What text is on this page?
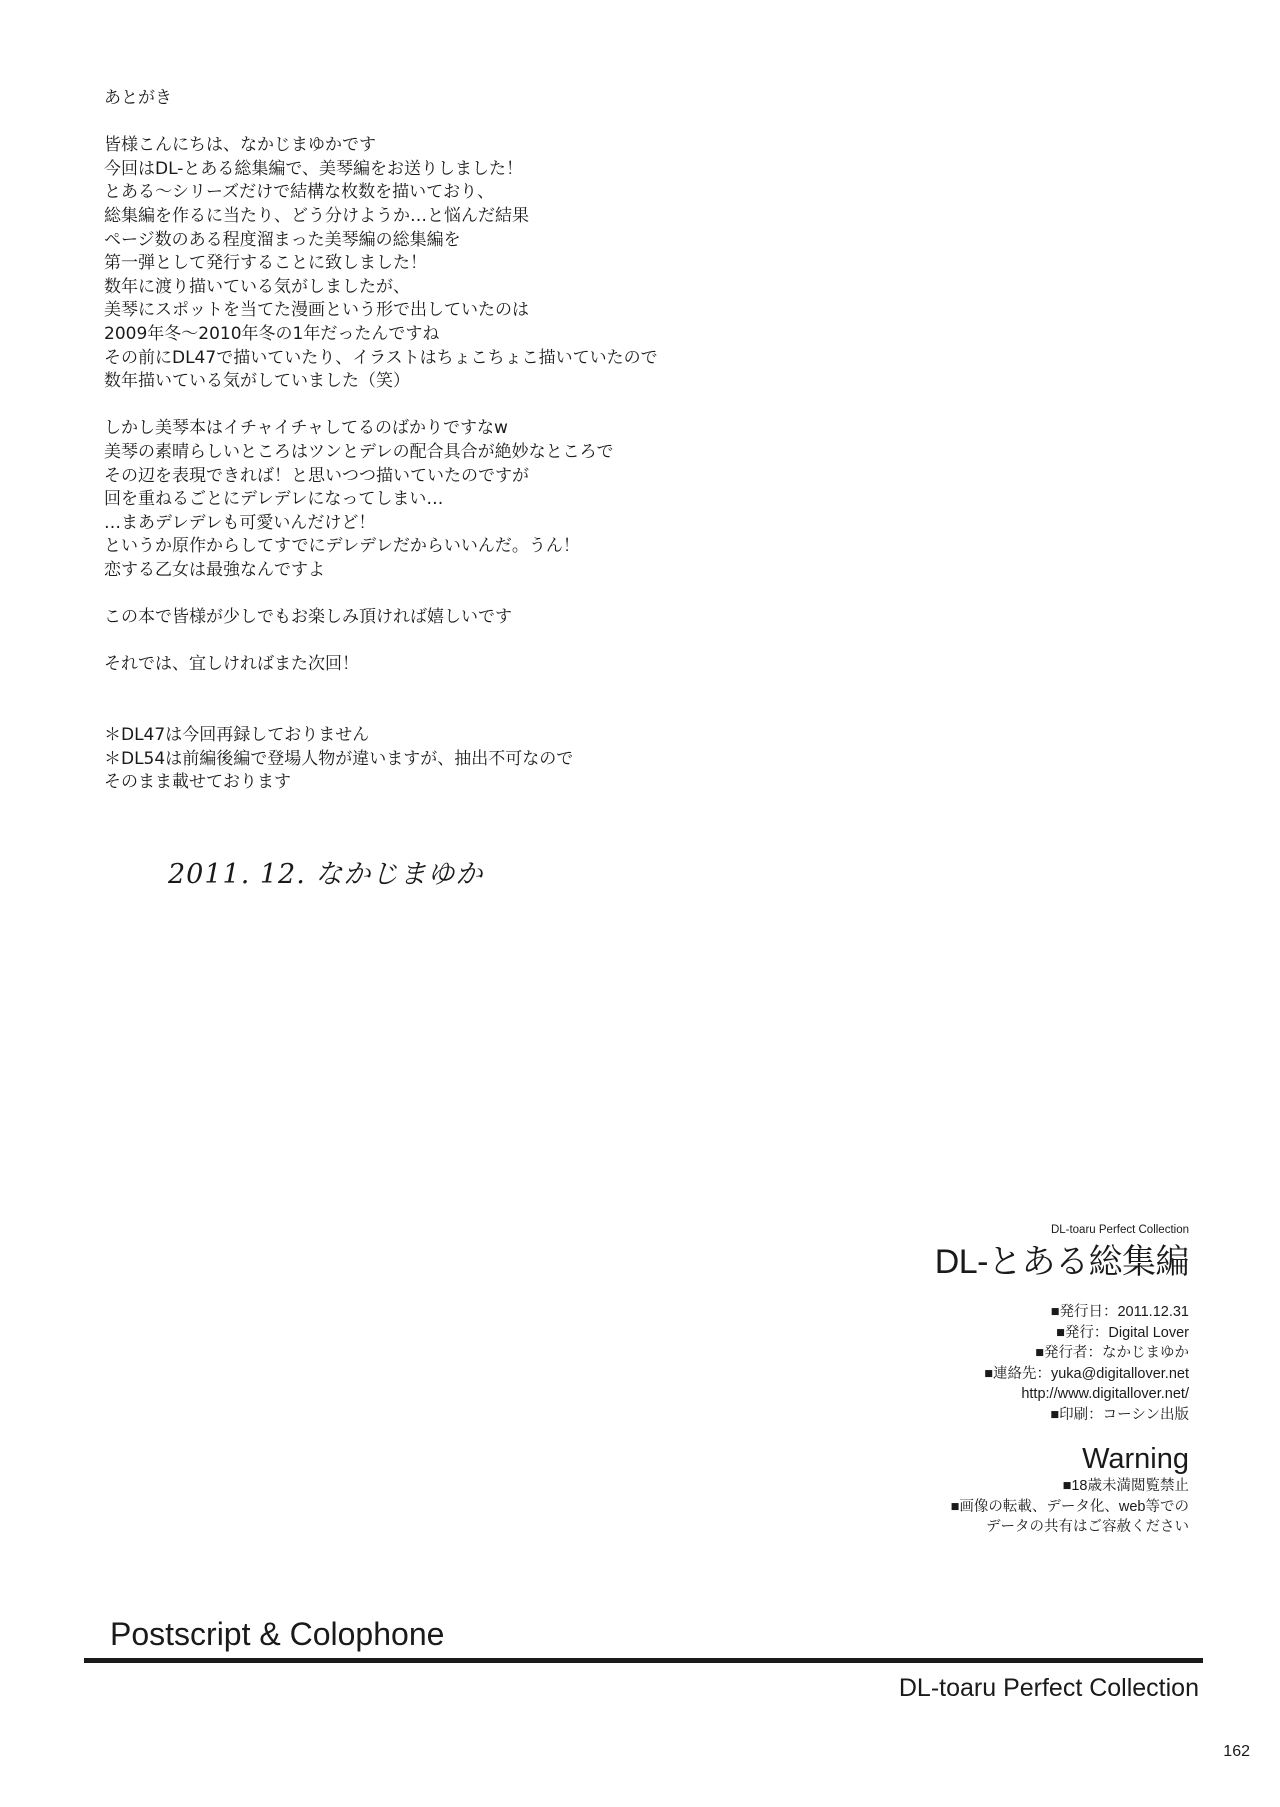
あとがき
皆様こんにちは、なかじまゆかです
今回はDL-とある総集編で、美琴編をお送りしました！
とある～シリーズだけで結構な枚数を描いており、
総集編を作るに当たり、どう分けようか…と悩んだ結果
ページ数のある程度溜まった美琴編の総集編を
第一弾として発行することに致しました！
数年に渡り描いている気がしましたが、
美琴にスポットを当てた漫画という形で出していたのは
2009年冬～2010年冬の1年だったんですね
その前にDL47で描いていたり、イラストはちょこちょこ描いていたので
数年描いている気がしていました（笑）
しかし美琴本はイチャイチャしてるのばかりですなw
美琴の素晴らしいところはツンとデレの配合具合が絶妙なところで
その辺を表現できれば！と思いつつ描いていたのですが
回を重ねるごとにデレデレになってしまい…
…まあデレデレも可愛いんだけど！
というか原作からしてすでにデレデレだからいいんだ。うん！
恋する乙女は最強なんですよ
この本で皆様が少しでもお楽しみ頂ければ嬉しいです
それでは、宜しければまた次回！
＊DL47は今回再録しておりません
＊DL54は前編後編で登場人物が違いますが、抽出不可なので
そのまま載せております
2011. 12. なかじまゆか
DL-toaru Perfect Collection
DL-とある総集編
■発行日：2011.12.31
■発行：Digital Lover
■発行者：なかじまゆか
■連絡先：yuka@digitallover.net
http://www.digitallover.net/
■印刷：コーシン出版
Warning
■18歳未満閲覧禁止
■画像の転載、データ化、web等での
データの共有はご容赦ください
Postscript & Colophone
DL-toaru Perfect Collection
162
